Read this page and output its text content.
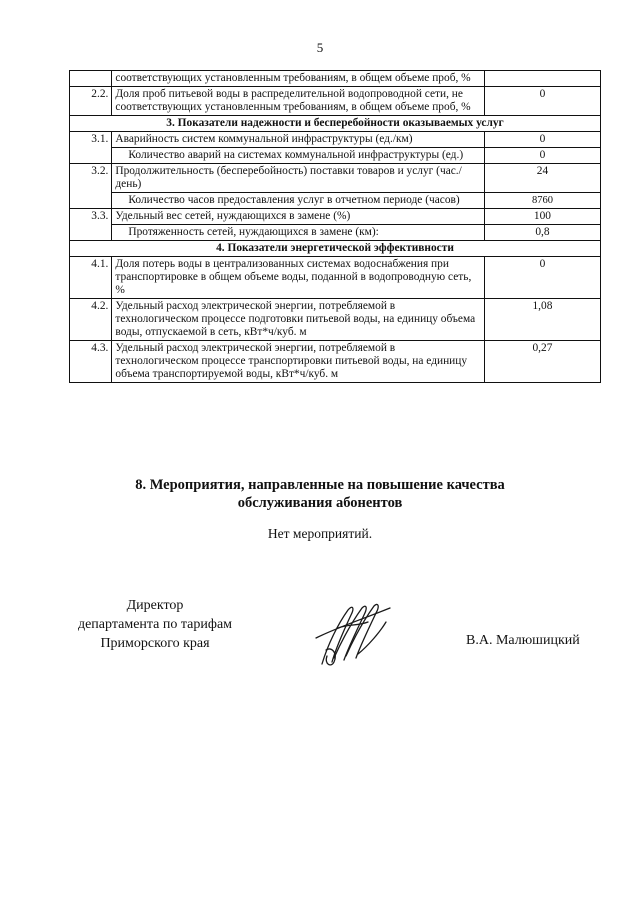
5
	соответствующих установленным требованиям, в общем объеме проб, %	
2.2.	Доля проб питьевой воды в распределительной водопроводной сети, не соответствующих установленным требованиям, в общем объеме проб, %	0
3. Показатели надежности и бесперебойности оказываемых услуг		
3.1.	Аварийность систем коммунальной инфраструктуры (ед./км)	0
	Количество аварий на системах коммунальной инфраструктуры (ед.)	0
3.2.	Продолжительность (бесперебойность) поставки товаров и услуг (час./день)	24
	Количество часов предоставления услуг в отчетном периоде (часов)	8760
3.3.	Удельный вес сетей, нуждающихся в замене (%)	100
	Протяженность сетей, нуждающихся в замене (км):	0,8
4. Показатели энергетической эффективности		
4.1.	Доля потерь воды в централизованных системах водоснабжения при транспортировке в общем объеме воды, поданной в водопроводную сеть, %	0
4.2.	Удельный расход электрической энергии, потребляемой в технологическом процессе подготовки питьевой воды, на единицу объема воды, отпускаемой в сеть, кВт*ч/куб. м	1,08
4.3.	Удельный расход электрической энергии, потребляемой в технологическом процессе транспортировки питьевой воды, на единицу объема транспортируемой воды, кВт*ч/куб. м	0,27
8. Мероприятия, направленные на повышение качества
обслуживания абонентов
Нет мероприятий.
Директор
департамента по тарифам
Приморского края	В.А. Малюшицкий
